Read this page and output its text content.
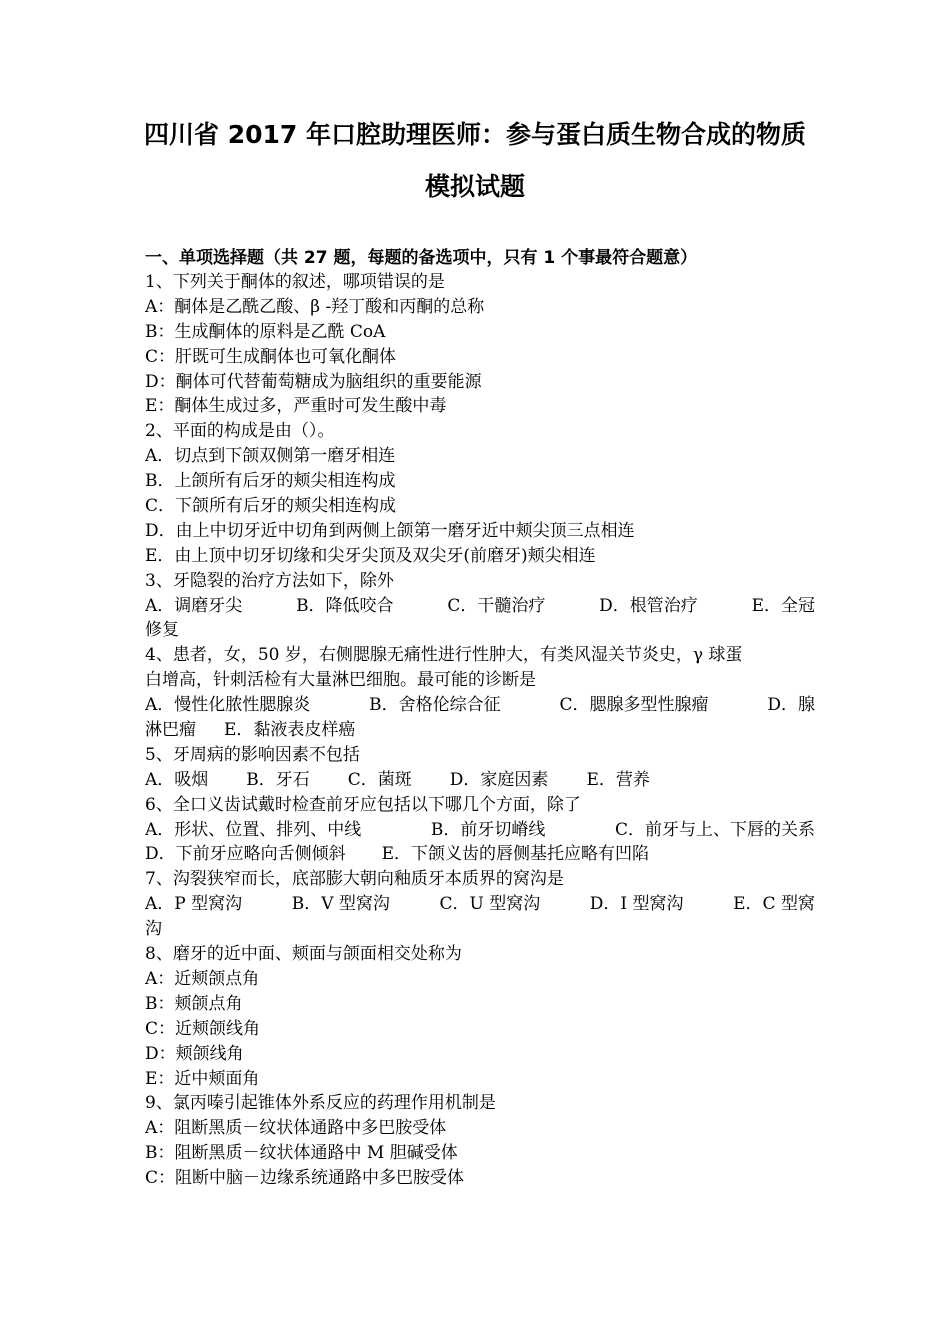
四川省 2017 年口腔助理医师：参与蛋白质生物合成的物质
模拟试题
一、单项选择题（共 27 题，每题的备选项中，只有 1 个事最符合题意）
1、下列关于酮体的叙述，哪项错误的是
A：酮体是乙酰乙酸、β -羟丁酸和丙酮的总称
B：生成酮体的原料是乙酰 CoA
C：肝既可生成酮体也可氧化酮体
D：酮体可代替葡萄糖成为脑组织的重要能源
E：酮体生成过多，严重时可发生酸中毒
2、平面的构成是由（）。
A．切点到下颌双侧第一磨牙相连
B．上颌所有后牙的颊尖相连构成
C．下颌所有后牙的颊尖相连构成
D．由上中切牙近中切角到两侧上颌第一磨牙近中颊尖顶三点相连
E．由上顶中切牙切缘和尖牙尖顶及双尖牙(前磨牙)颊尖相连
3、牙隐裂的治疗方法如下，除外
A．调磨牙尖	B．降低咬合	C．干髓治疗	D．根管治疗	E．全冠
修复
4、患者，女，50 岁，右侧腮腺无痛性进行性肿大，有类风湿关节炎史，γ 球蛋
白增高，针刺活检有大量淋巴细胞。最可能的诊断是
A．慢性化脓性腮腺炎	B．舍格伦综合征	C．腮腺多型性腺瘤	D．腺
淋巴瘤 E．黏液表皮样癌
5、牙周病的影响因素不包括
A．吸烟 B．牙石 C．菌斑 D．家庭因素 E．营养
6、全口义齿试戴时检查前牙应包括以下哪几个方面，除了
A．形状、位置、排列、中线	B．前牙切嵴线	C．前牙与上、下唇的关系
D．下前牙应略向舌侧倾斜 E．下颌义齿的唇侧基托应略有凹陷
7、沟裂狭窄而长，底部膨大朝向釉质牙本质界的窝沟是
A．P 型窝沟	B．V 型窝沟	C．U 型窝沟	D．I 型窝沟	E．C 型窝
沟
8、磨牙的近中面、颊面与颌面相交处称为
A：近颊颌点角
B：颊颌点角
C：近颊颌线角
D：颊颌线角
E：近中颊面角
9、氯丙嗪引起锥体外系反应的药理作用机制是
A：阻断黑质－纹状体通路中多巴胺受体
B：阻断黑质－纹状体通路中 M 胆碱受体
C：阻断中脑－边缘系统通路中多巴胺受体
